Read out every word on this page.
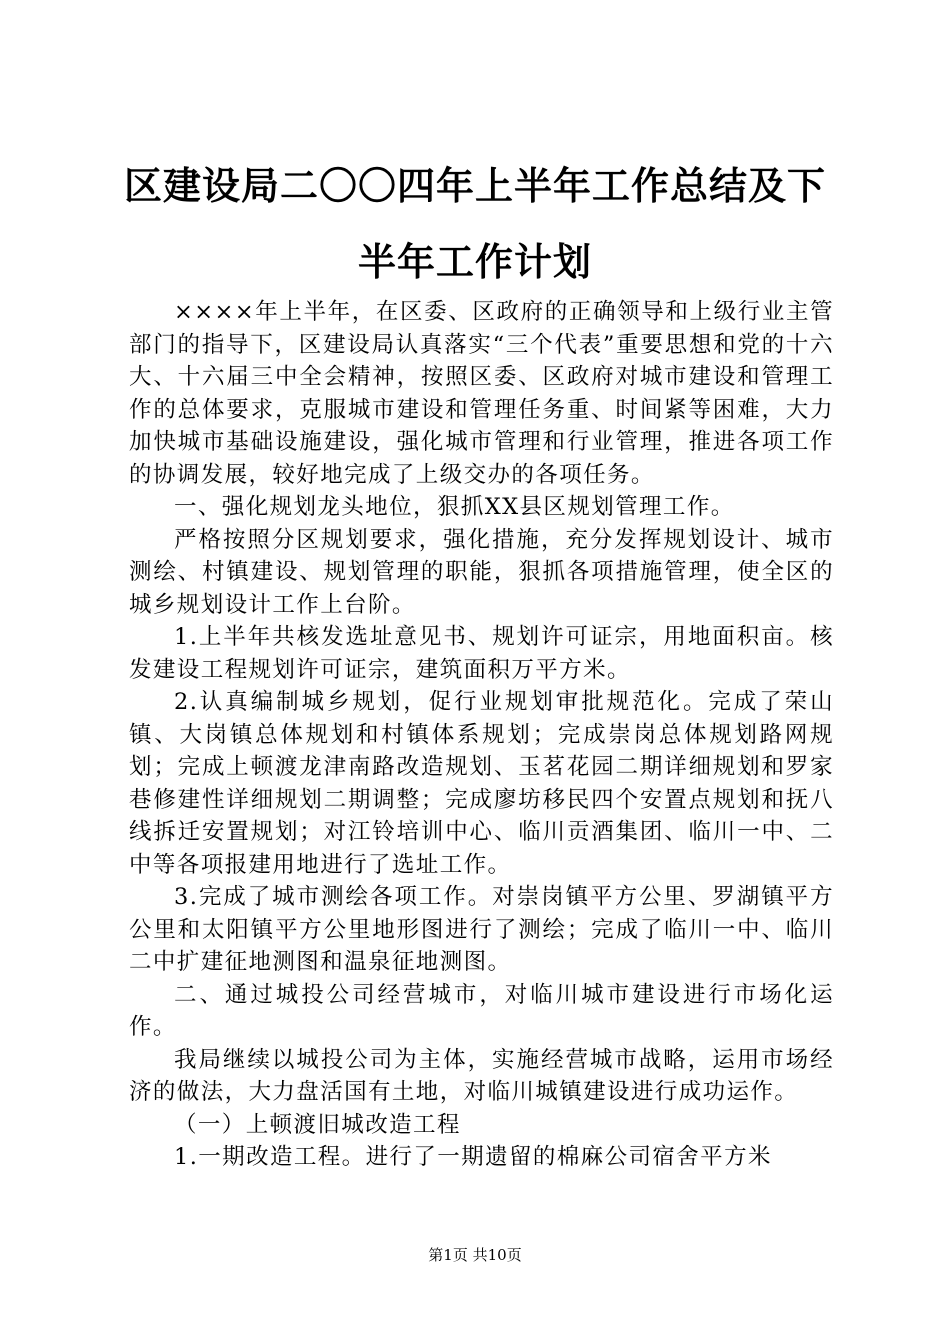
区建设局二〇〇四年上半年工作总结及下半年工作计划

××××年上半年，在区委、区政府的正确领导和上级行业主管部门的指导下，区建设局认真落实“三个代表”重要思想和党的十六大、十六届三中全会精神，按照区委、区政府对城市建设和管理工作的总体要求，克服城市建设和管理任务重、时间紧等困难，大力加快城市基础设施建设，强化城市管理和行业管理，推进各项工作的协调发展，较好地完成了上级交办的各项任务。

一、强化规划龙头地位，狠抓XX县区规划管理工作。

严格按照分区规划要求，强化措施，充分发挥规划设计、城市测绘、村镇建设、规划管理的职能，狠抓各项措施管理，使全区的城乡规划设计工作上台阶。

1.上半年共核发选址意见书、规划许可证宗，用地面积亩。核发建设工程规划许可证宗，建筑面积万平方米。

2.认真编制城乡规划，促行业规划审批规范化。完成了荣山镇、大岗镇总体规划和村镇体系规划；完成崇岗总体规划路网规划；完成上顿渡龙津南路改造规划、玉茗花园二期详细规划和罗家巷修建性详细规划二期调整；完成廖坊移民四个安置点规划和抚八线拆迁安置规划；对江铃培训中心、临川贡酒集团、临川一中、二中等各项报建用地进行了选址工作。

3.完成了城市测绘各项工作。对崇岗镇平方公里、罗湖镇平方公里和太阳镇平方公里地形图进行了测绘；完成了临川一中、临川二中扩建征地测图和温泉征地测图。

二、通过城投公司经营城市，对临川城市建设进行市场化运作。

我局继续以城投公司为主体，实施经营城市战略，运用市场经济的做法，大力盘活国有土地，对临川城镇建设进行成功运作。

（一）上顿渡旧城改造工程

1.一期改造工程。进行了一期遗留的棉麻公司宿舍平方米

第1页 共10页
